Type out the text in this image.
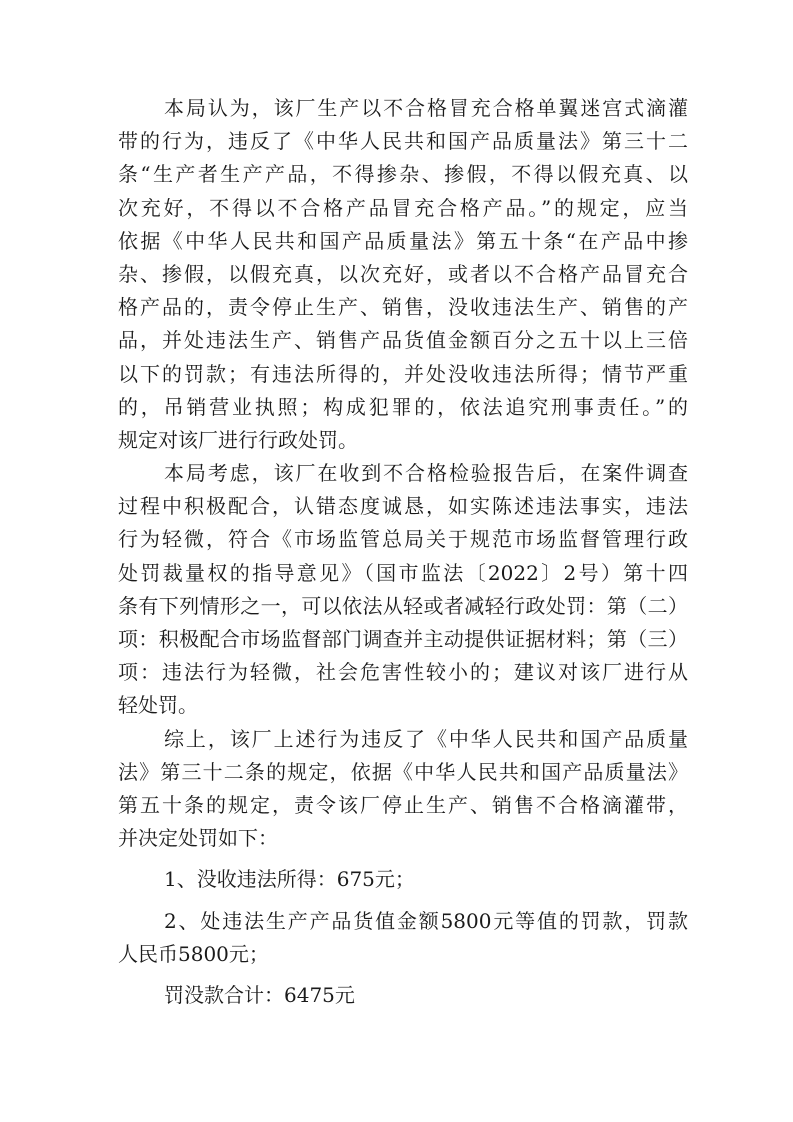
本局认为，该厂生产以不合格冒充合格单翼迷宫式滴灌
带的行为，违反了《中华人民共和国产品质量法》第三十二
条“生产者生产产品，不得掺杂、掺假，不得以假充真、以
次充好，不得以不合格产品冒充合格产品。”的规定，应当
依据《中华人民共和国产品质量法》第五十条“在产品中掺
杂、掺假，以假充真，以次充好，或者以不合格产品冒充合
格产品的，责令停止生产、销售，没收违法生产、销售的产
品，并处违法生产、销售产品货值金额百分之五十以上三倍
以下的罚款；有违法所得的，并处没收违法所得；情节严重
的，吊销营业执照；构成犯罪的，依法追究刑事责任。”的
规定对该厂进行行政处罚。
本局考虑，该厂在收到不合格检验报告后，在案件调查
过程中积极配合，认错态度诚恳，如实陈述违法事实，违法
行为轻微，符合《市场监管总局关于规范市场监督管理行政
处罚裁量权的指导意见》（国市监法〔2022〕2号）第十四
条有下列情形之一，可以依法从轻或者减轻行政处罚：第（二）
项：积极配合市场监督部门调查并主动提供证据材料；第（三）
项：违法行为轻微，社会危害性较小的；建议对该厂进行从
轻处罚。
综上，该厂上述行为违反了《中华人民共和国产品质量
法》第三十二条的规定，依据《中华人民共和国产品质量法》
第五十条的规定，责令该厂停止生产、销售不合格滴灌带，
并决定处罚如下：
1、没收违法所得：675元；
2、处违法生产产品货值金额5800元等值的罚款，罚款
人民币5800元；
罚没款合计：6475元
